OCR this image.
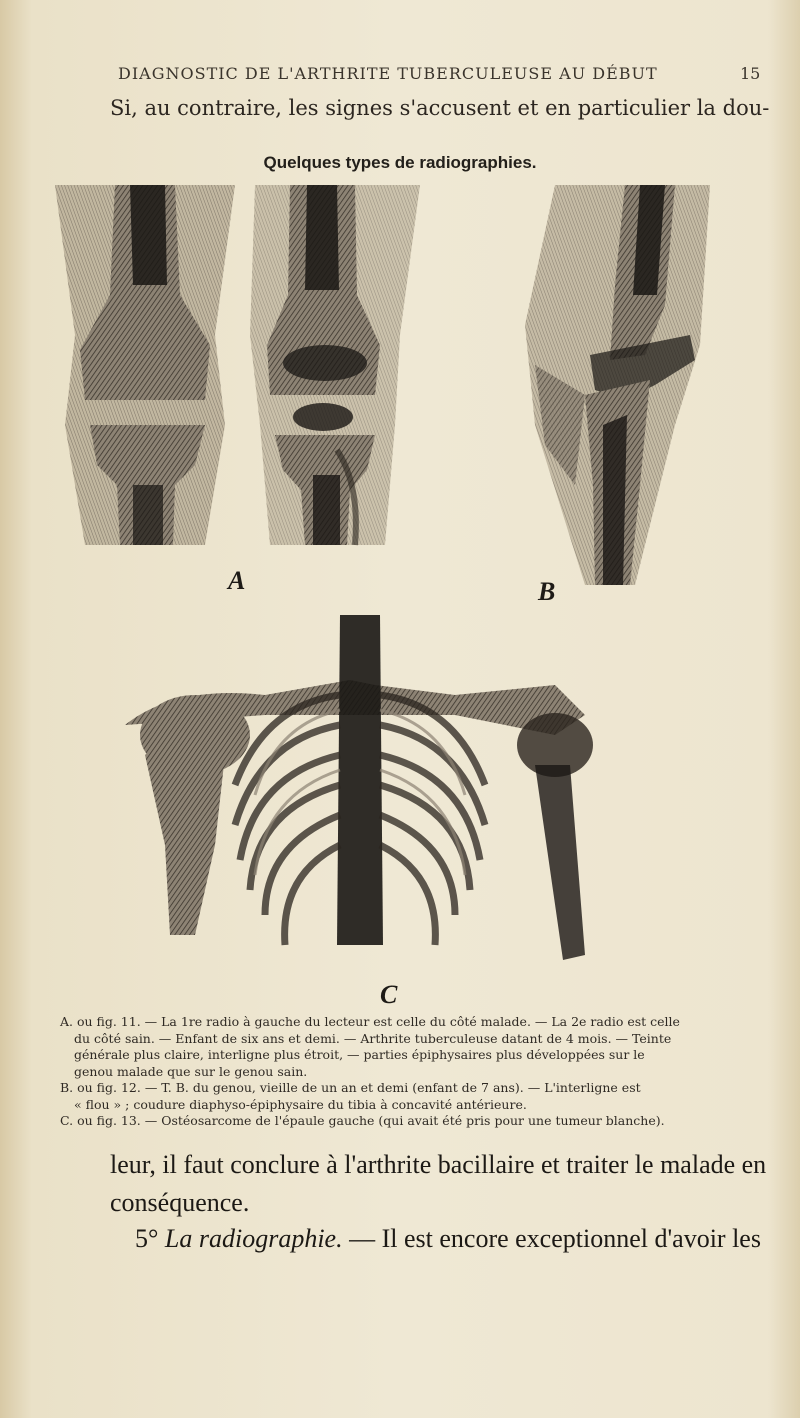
DIAGNOSTIC DE L'ARTHRITE TUBERCULEUSE AU DÉBUT	15
Si, au contraire, les signes s'accusent et en particulier la dou-
Quelques types de radiographies.
A	B
C

A. ou fig. 11. — La 1re radio à gauche du lecteur est celle du côté malade. — La 2e radio est celle

du côté sain. — Enfant de six ans et demi. — Arthrite tuberculeuse datant de 4 mois. — Teinte

générale plus claire, interligne plus étroit, — parties épiphysaires plus développées sur le

genou malade que sur le genou sain.

B. ou fig. 12. — T. B. du genou, vieille de un an et demi (enfant de 7 ans). — L'interligne est

« flou » ; coudure diaphyso-épiphysaire du tibia à concavité antérieure.

C. ou fig. 13. — Ostéosarcome de l'épaule gauche (qui avait été pris pour une tumeur blanche).

leur, il faut conclure à l'arthrite bacillaire et traiter le malade en
conséquence.
5° La radiographie. — Il est encore exceptionnel d'avoir les
